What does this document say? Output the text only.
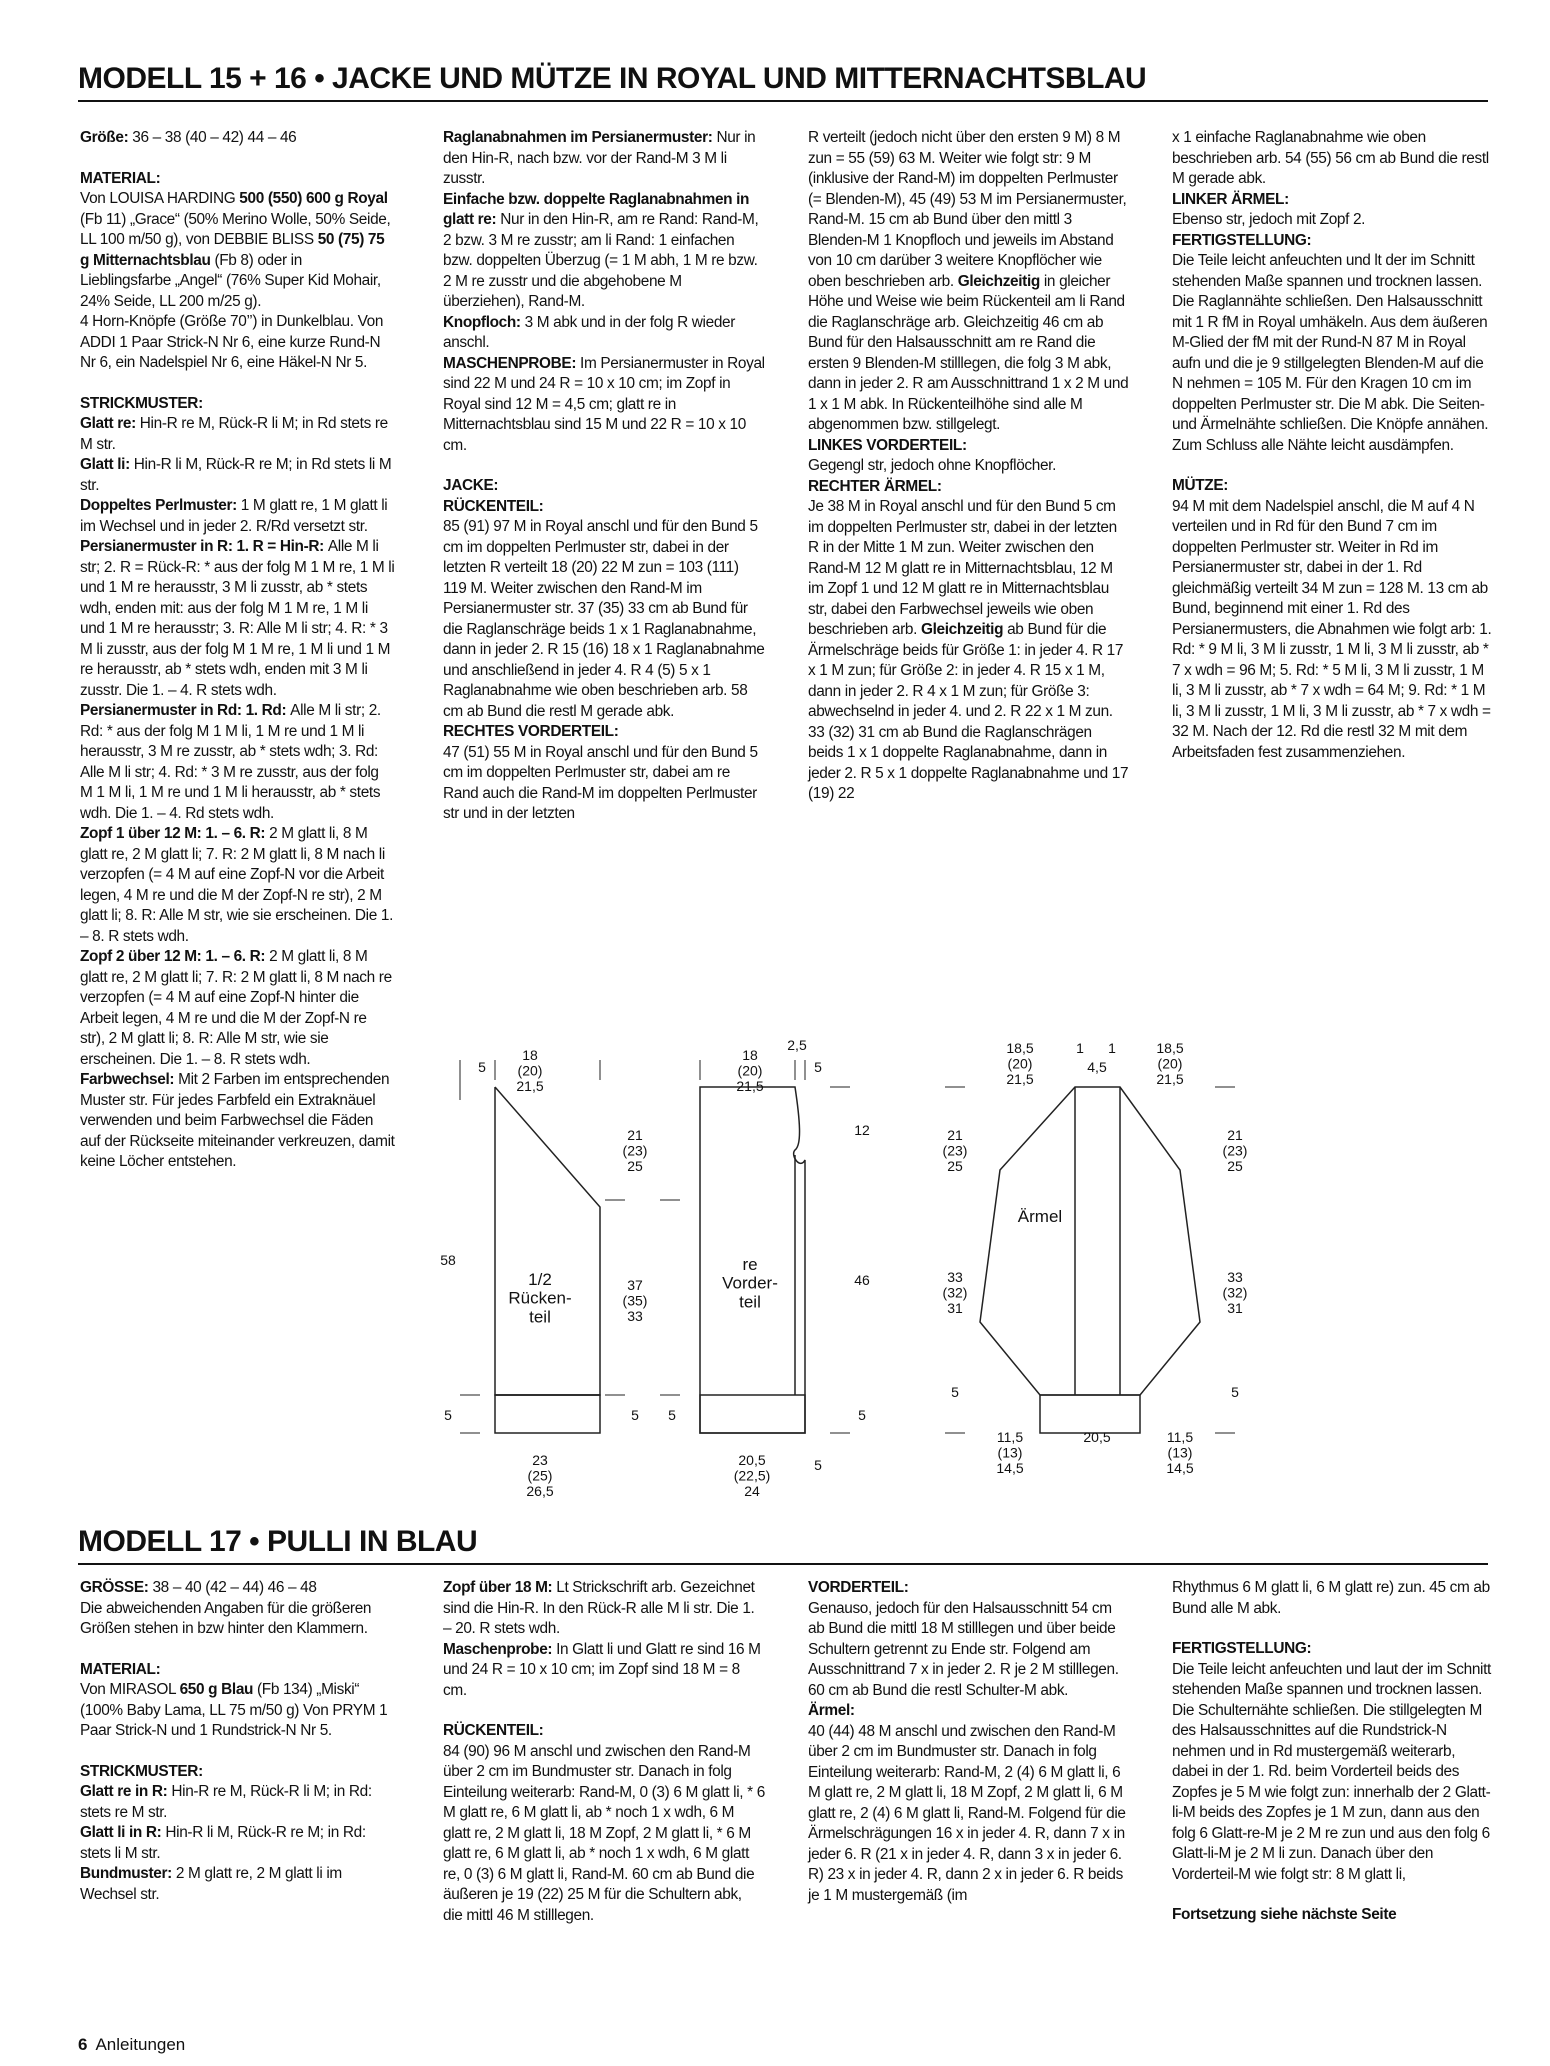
MODELL 15 + 16 • JACKE UND MÜTZE IN ROYAL UND MITTERNACHTSBLAU
Größe: 36 – 38 (40 – 42) 44 – 46
MATERIAL:
Von LOUISA HARDING 500 (550) 600 g Royal (Fb 11) „Grace“ (50% Merino Wolle, 50% Seide, LL 100 m/50 g), von DEBBIE BLISS 50 (75) 75 g Mitternachtsblau (Fb 8) oder in Lieblingsfarbe „Angel“ (76% Super Kid Mohair, 24% Seide, LL 200 m/25 g).
4 Horn-Knöpfe (Größe 70’’) in Dunkelblau. Von ADDI 1 Paar Strick-N Nr 6, eine kurze Rund-N Nr 6, ein Nadelspiel Nr 6, eine Häkel-N Nr 5.
STRICKMUSTER:
Glatt re: Hin-R re M, Rück-R li M; in Rd stets re M str.
Glatt li: Hin-R li M, Rück-R re M; in Rd stets li M str.
Doppeltes Perlmuster: 1 M glatt re, 1 M glatt li im Wechsel und in jeder 2. R/Rd versetzt str.
Persianermuster in R: 1. R = Hin-R: Alle M li str; 2. R = Rück-R: * aus der folg M 1 M re, 1 M li und 1 M re herausstr, 3 M li zusstr, ab * stets wdh, enden mit: aus der folg M 1 M re, 1 M li und 1 M re herausstr; 3. R: Alle M li str; 4. R: * 3 M li zusstr, aus der folg M 1 M re, 1 M li und 1 M re herausstr, ab * stets wdh, enden mit 3 M li zusstr. Die 1. – 4. R stets wdh.
Persianermuster in Rd: 1. Rd: Alle M li str; 2. Rd: * aus der folg M 1 M li, 1 M re und 1 M li herausstr, 3 M re zusstr, ab * stets wdh; 3. Rd: Alle M li str; 4. Rd: * 3 M re zusstr, aus der folg M 1 M li, 1 M re und 1 M li herausstr, ab * stets wdh. Die 1. – 4. Rd stets wdh.
Zopf 1 über 12 M: 1. – 6. R: 2 M glatt li, 8 M glatt re, 2 M glatt li; 7. R: 2 M glatt li, 8 M nach li verzopfen (= 4 M auf eine Zopf-N vor die Arbeit legen, 4 M re und die M der Zopf-N re str), 2 M glatt li; 8. R: Alle M str, wie sie erscheinen. Die 1. – 8. R stets wdh.
Zopf 2 über 12 M: 1. – 6. R: 2 M glatt li, 8 M glatt re, 2 M glatt li; 7. R: 2 M glatt li, 8 M nach re verzopfen (= 4 M auf eine Zopf-N hinter die Arbeit legen, 4 M re und die M der Zopf-N re str), 2 M glatt li; 8. R: Alle M str, wie sie erscheinen. Die 1. – 8. R stets wdh.
Farbwechsel: Mit 2 Farben im entsprechenden Muster str. Für jedes Farbfeld ein Extraknäuel verwenden und beim Farbwechsel die Fäden auf der Rückseite miteinander verkreuzen, damit keine Löcher entstehen.
Raglanabnahmen im Persianermuster: Nur in den Hin-R, nach bzw. vor der Rand-M 3 M li zusstr.
Einfache bzw. doppelte Raglanabnahmen in glatt re: Nur in den Hin-R, am re Rand: Rand-M, 2 bzw. 3 M re zusstr; am li Rand: 1 einfachen bzw. doppelten Überzug (= 1 M abh, 1 M re bzw. 2 M re zusstr und die abgehobene M überziehen), Rand-M.
Knopfloch: 3 M abk und in der folg R wieder anschl.
MASCHENPROBE: Im Persianermuster in Royal sind 22 M und 24 R = 10 x 10 cm; im Zopf in Royal sind 12 M = 4,5 cm; glatt re in Mitternachtsblau sind 15 M und 22 R = 10 x 10 cm.
JACKE:
RÜCKENTEIL:
85 (91) 97 M in Royal anschl und für den Bund 5 cm im doppelten Perlmuster str, dabei in der letzten R verteilt 18 (20) 22 M zun = 103 (111) 119 M. Weiter zwischen den Rand-M im Persianermuster str. 37 (35) 33 cm ab Bund für die Raglanschräge beids 1 x 1 Raglanabnahme, dann in jeder 2. R 15 (16) 18 x 1 Raglanabnahme und anschließend in jeder 4. R 4 (5) 5 x 1 Raglanabnahme wie oben beschrieben arb. 58 cm ab Bund die restl M gerade abk.
RECHTES VORDERTEIL:
47 (51) 55 M in Royal anschl und für den Bund 5 cm im doppelten Perlmuster str, dabei am re Rand auch die Rand-M im doppelten Perlmuster str und in der letzten
R verteilt (jedoch nicht über den ersten 9 M) 8 M zun = 55 (59) 63 M. Weiter wie folgt str: 9 M (inklusive der Rand-M) im doppelten Perlmuster (= Blenden-M), 45 (49) 53 M im Persianermuster, Rand-M. 15 cm ab Bund über den mittl 3 Blenden-M 1 Knopfloch und jeweils im Abstand von 10 cm darüber 3 weitere Knopflöcher wie oben beschrieben arb. Gleichzeitig in gleicher Höhe und Weise wie beim Rückenteil am li Rand die Raglanschräge arb. Gleichzeitig 46 cm ab Bund für den Halsausschnitt am re Rand die ersten 9 Blenden-M stilllegen, die folg 3 M abk, dann in jeder 2. R am Ausschnittrand 1 x 2 M und 1 x 1 M abk. In Rückenteilhöhe sind alle M abgenommen bzw. stillgelegt.
LINKES VORDERTEIL:
Gegengl str, jedoch ohne Knopflöcher.
RECHTER ÄRMEL:
Je 38 M in Royal anschl und für den Bund 5 cm im doppelten Perlmuster str, dabei in der letzten R in der Mitte 1 M zun. Weiter zwischen den Rand-M 12 M glatt re in Mitternachtsblau, 12 M im Zopf 1 und 12 M glatt re in Mitternachtsblau str, dabei den Farbwechsel jeweils wie oben beschrieben arb. Gleichzeitig ab Bund für die Ärmelschräge beids für Größe 1: in jeder 4. R 17 x 1 M zun; für Größe 2: in jeder 4. R 15 x 1 M, dann in jeder 2. R 4 x 1 M zun; für Größe 3: abwechselnd in jeder 4. und 2. R 22 x 1 M zun. 33 (32) 31 cm ab Bund die Raglanschrägen beids 1 x 1 doppelte Raglanabnahme, dann in jeder 2. R 5 x 1 doppelte Raglanabnahme und 17 (19) 22
x 1 einfache Raglanabnahme wie oben beschrieben arb. 54 (55) 56 cm ab Bund die restl M gerade abk.
LINKER ÄRMEL:
Ebenso str, jedoch mit Zopf 2.
FERTIGSTELLUNG:
Die Teile leicht anfeuchten und lt der im Schnitt stehenden Maße spannen und trocknen lassen. Die Raglannähte schließen. Den Halsausschnitt mit 1 R fM in Royal umhäkeln. Aus dem äußeren M-Glied der fM mit der Rund-N 87 M in Royal aufn und die je 9 stillgelegten Blenden-M auf die N nehmen = 105 M. Für den Kragen 10 cm im doppelten Perlmuster str. Die M abk. Die Seiten- und Ärmelnähte schließen. Die Knöpfe annähen. Zum Schluss alle Nähte leicht ausdämpfen.
MÜTZE:
94 M mit dem Nadelspiel anschl, die M auf 4 N verteilen und in Rd für den Bund 7 cm im doppelten Perlmuster str. Weiter in Rd im Persianermuster str, dabei in der 1. Rd gleichmäßig verteilt 34 M zun = 128 M. 13 cm ab Bund, beginnend mit einer 1. Rd des Persianermusters, die Abnahmen wie folgt arb: 1. Rd: * 9 M li, 3 M li zusstr, 1 M li, 3 M li zusstr, ab * 7 x wdh = 96 M; 5. Rd: * 5 M li, 3 M li zusstr, 1 M li, 3 M li zusstr, ab * 7 x wdh = 64 M; 9. Rd: * 1 M li, 3 M li zusstr, 1 M li, 3 M li zusstr, ab * 7 x wdh = 32 M. Nach der 12. Rd die restl 32 M mit dem Arbeitsfaden fest zusammenziehen.
18 (20) 21,5
5
21 (23) 25
37 (35) 33
58
5	5
23 (25) 26,5
1/2 Rücken-teil
18 (20) 21,5
5
2,5
12
46
5	5
20,5 (22,5) 24
5
re Vorder-teil
18,5 (20) 21,5
18,5 (20) 21,5
1 1
4,5
21 (23) 25
21 (23) 25
33 (32) 31
33 (32) 31
5	5
11,5 (13) 14,5
20,5	11,5 (13) 14,5
Ärmel
MODELL 17 • PULLI IN BLAU
GRÖSSE: 38 – 40 (42 – 44) 46 – 48
Die abweichenden Angaben für die größeren Größen stehen in bzw hinter den Klammern.
MATERIAL:
Von MIRASOL 650 g Blau (Fb 134) „Miski“ (100% Baby Lama, LL 75 m/50 g) Von PRYM 1 Paar Strick-N und 1 Rundstrick-N Nr 5.
STRICKMUSTER:
Glatt re in R: Hin-R re M, Rück-R li M; in Rd: stets re M str.
Glatt li in R: Hin-R li M, Rück-R re M; in Rd: stets li M str.
Bundmuster: 2 M glatt re, 2 M glatt li im Wechsel str.
Zopf über 18 M: Lt Strickschrift arb. Gezeichnet sind die Hin-R. In den Rück-R alle M li str. Die 1. – 20. R stets wdh.
Maschenprobe: In Glatt li und Glatt re sind 16 M und 24 R = 10 x 10 cm; im Zopf sind 18 M = 8 cm.
RÜCKENTEIL:
84 (90) 96 M anschl und zwischen den Rand-M über 2 cm im Bundmuster str. Danach in folg Einteilung weiterarb: Rand-M, 0 (3) 6 M glatt li, * 6 M glatt re, 6 M glatt li, ab * noch 1 x wdh, 6 M glatt re, 2 M glatt li, 18 M Zopf, 2 M glatt li, * 6 M glatt re, 6 M glatt li, ab * noch 1 x wdh, 6 M glatt re, 0 (3) 6 M glatt li, Rand-M. 60 cm ab Bund die äußeren je 19 (22) 25 M für die Schultern abk, die mittl 46 M stilllegen.
VORDERTEIL:
Genauso, jedoch für den Halsausschnitt 54 cm ab Bund die mittl 18 M stilllegen und über beide Schultern getrennt zu Ende str. Folgend am Ausschnittrand 7 x in jeder 2. R je 2 M stilllegen. 60 cm ab Bund die restl Schulter-M abk.
Ärmel:
40 (44) 48 M anschl und zwischen den Rand-M über 2 cm im Bundmuster str. Danach in folg Einteilung weiterarb: Rand-M, 2 (4) 6 M glatt li, 6 M glatt re, 2 M glatt li, 18 M Zopf, 2 M glatt li, 6 M glatt re, 2 (4) 6 M glatt li, Rand-M. Folgend für die Ärmelschrägungen 16 x in jeder 4. R, dann 7 x in jeder 6. R (21 x in jeder 4. R, dann 3 x in jeder 6. R) 23 x in jeder 4. R, dann 2 x in jeder 6. R beids je 1 M mustergemäß (im
Rhythmus 6 M glatt li, 6 M glatt re) zun. 45 cm ab Bund alle M abk.
FERTIGSTELLUNG:
Die Teile leicht anfeuchten und laut der im Schnitt stehenden Maße spannen und trocknen lassen. Die Schulternähte schließen. Die stillgelegten M des Halsausschnittes auf die Rundstrick-N nehmen und in Rd mustergemäß weiterarb, dabei in der 1. Rd. beim Vorderteil beids des Zopfes je 5 M wie folgt zun: innerhalb der 2 Glatt-li-M beids des Zopfes je 1 M zun, dann aus den folg 6 Glatt-re-M je 2 M re zun und aus den folg 6 Glatt-li-M je 2 M li zun. Danach über den Vorderteil-M wie folgt str: 8 M glatt li,
Fortsetzung siehe nächste Seite
6 Anleitungen
